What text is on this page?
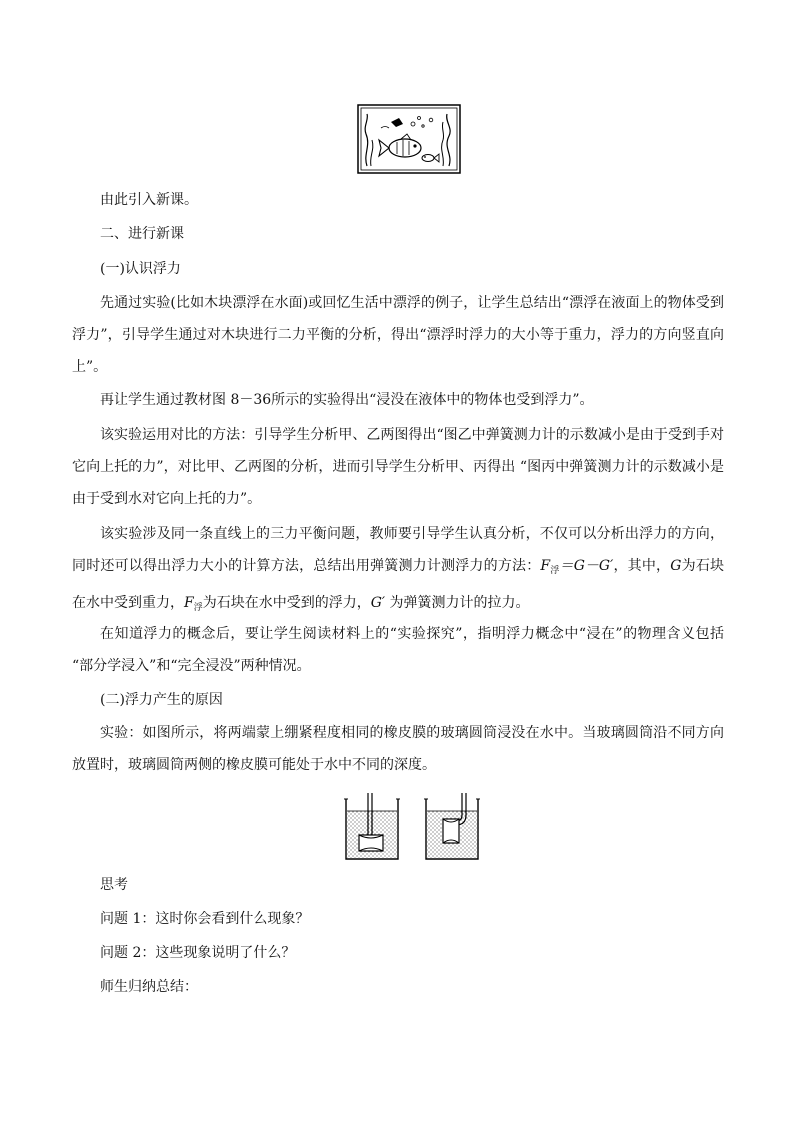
由此引入新课。

二、进行新课

(一)认识浮力

先通过实验(比如木块漂浮在水面)或回忆生活中漂浮的例子，让学生总结出“漂浮在液面上的物体受到浮力”，引导学生通过对木块进行二力平衡的分析，得出“漂浮时浮力的大小等于重力，浮力的方向竖直向上”。

再让学生通过教材图 8－36所示的实验得出“浸没在液体中的物体也受到浮力”。

该实验运用对比的方法：引导学生分析甲、乙两图得出“图乙中弹簧测力计的示数减小是由于受到手对它向上托的力”，对比甲、乙两图的分析，进而引导学生分析甲、丙得出 “图丙中弹簧测力计的示数减小是由于受到水对它向上托的力”。

该实验涉及同一条直线上的三力平衡问题，教师要引导学生认真分析，不仅可以分析出浮力的方向，同时还可以得出浮力大小的计算方法，总结出用弹簧测力计测浮力的方法：$F_浮=G-G'$，其中，G为石块在水中受到重力，$F_浮$为石块在水中受到的浮力，G′ 为弹簧测力计的拉力。

在知道浮力的概念后，要让学生阅读材料上的“实验探究”，指明浮力概念中“浸在”的物理含义包括 “部分学浸入”和“完全浸没”两种情况。

(二)浮力产生的原因

实验：如图所示，将两端蒙上绷紧程度相同的橡皮膜的玻璃圆筒浸没在水中。当玻璃圆筒沿不同方向放置时，玻璃圆筒两侧的橡皮膜可能处于水中不同的深度。

思考

问题 1：这时你会看到什么现象？

问题 2：这些现象说明了什么？

师生归纳总结：
